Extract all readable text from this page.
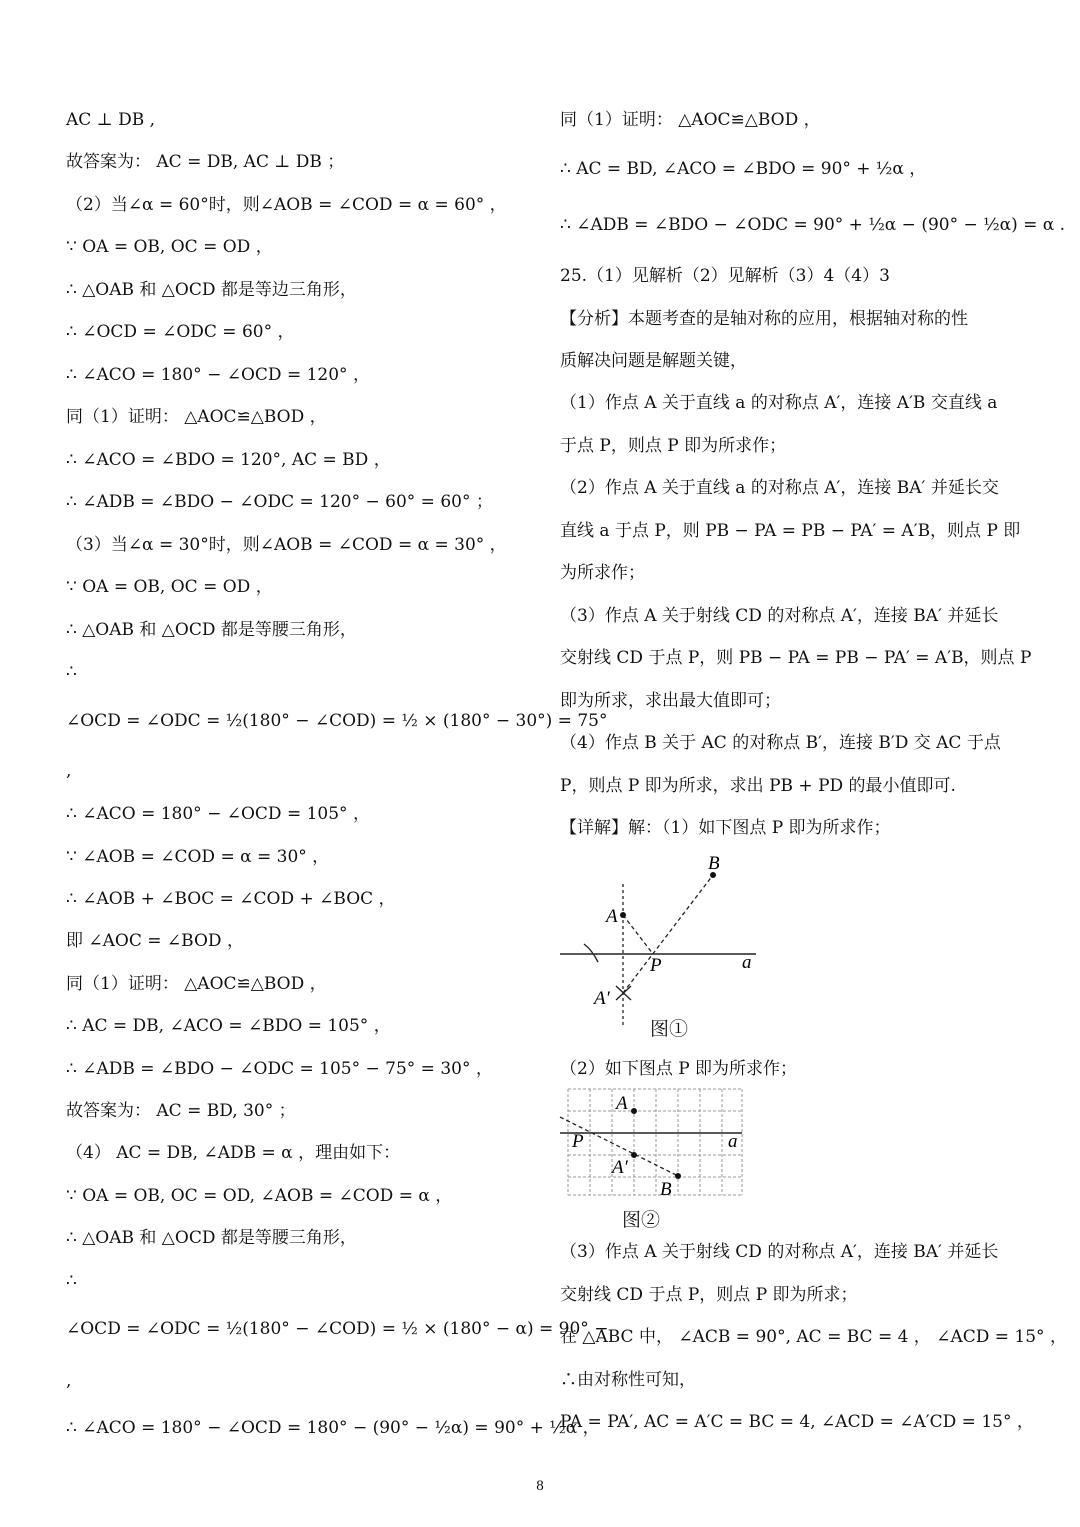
AC ⊥ DB ,
故答案为： AC = DB, AC ⊥ DB ；
（2）当∠α = 60°时，则∠AOB = ∠COD = α = 60° ，
∵ OA = OB, OC = OD ，
∴ △OAB 和 △OCD 都是等边三角形，
∴ ∠OCD = ∠ODC = 60° ，
∴ ∠ACO = 180° − ∠OCD = 120° ，
同（1）证明： △AOC≌△BOD ，
∴ ∠ACO = ∠BDO = 120°, AC = BD ，
∴ ∠ADB = ∠BDO − ∠ODC = 120° − 60° = 60° ；
（3）当∠α = 30°时，则∠AOB = ∠COD = α = 30° ，
∵ OA = OB, OC = OD ，
∴ △OAB 和 △OCD 都是等腰三角形，
∴
∠OCD = ∠ODC = ½(180° − ∠COD) = ½ × (180° − 30°) = 75°
,
∴ ∠ACO = 180° − ∠OCD = 105° ，
∵ ∠AOB = ∠COD = α = 30° ，
∴ ∠AOB + ∠BOC = ∠COD + ∠BOC ，
即 ∠AOC = ∠BOD ，
同（1）证明： △AOC≌△BOD ，
∴ AC = DB, ∠ACO = ∠BDO = 105° ，
∴ ∠ADB = ∠BDO − ∠ODC = 105° − 75° = 30° ，
故答案为： AC = BD, 30° ；
（4） AC = DB, ∠ADB = α ，理由如下：
∵ OA = OB, OC = OD, ∠AOB = ∠COD = α ，
∴ △OAB 和 △OCD 都是等腰三角形，
∴
∠OCD = ∠ODC = ½(180° − ∠COD) = ½ × (180° − α) = 90° −
,
∴ ∠ACO = 180° − ∠OCD = 180° − (90° − ½α) = 90° + ½α ，
同（1）证明： △AOC≌△BOD ，
∴ AC = BD, ∠ACO = ∠BDO = 90° + ½α ，
∴ ∠ADB = ∠BDO − ∠ODC = 90° + ½α − (90° − ½α) = α .
25.（1）见解析（2）见解析（3）4（4）3
【分析】本题考查的是轴对称的应用，根据轴对称的性
质解决问题是解题关键，
（1）作点 A 关于直线 a 的对称点 A′，连接 A′B 交直线 a
于点 P，则点 P 即为所求作；
（2）作点 A 关于直线 a 的对称点 A′，连接 BA′ 并延长交
直线 a 于点 P，则 PB − PA = PB − PA′ = A′B，则点 P 即
为所求作；
（3）作点 A 关于射线 CD 的对称点 A′，连接 BA′ 并延长
交射线 CD 于点 P，则 PB − PA = PB − PA′ = A′B，则点 P
即为所求，求出最大值即可；
（4）作点 B 关于 AC 的对称点 B′，连接 B′D 交 AC 于点
P，则点 P 即为所求，求出 PB + PD 的最小值即可.
【详解】解：（1）如下图点 P 即为所求作；
（2）如下图点 P 即为所求作；
（3）作点 A 关于射线 CD 的对称点 A′，连接 BA′ 并延长
交射线 CD 于点 P，则点 P 即为所求；
在 △ABC 中， ∠ACB = 90°, AC = BC = 4 ， ∠ACD = 15° ，
∴由对称性可知，
PA = PA′, AC = A′C = BC = 4, ∠ACD = ∠A′CD = 15° ，
B
A
P	a
A′
图①
A
P	a
A′
B
图②
8
